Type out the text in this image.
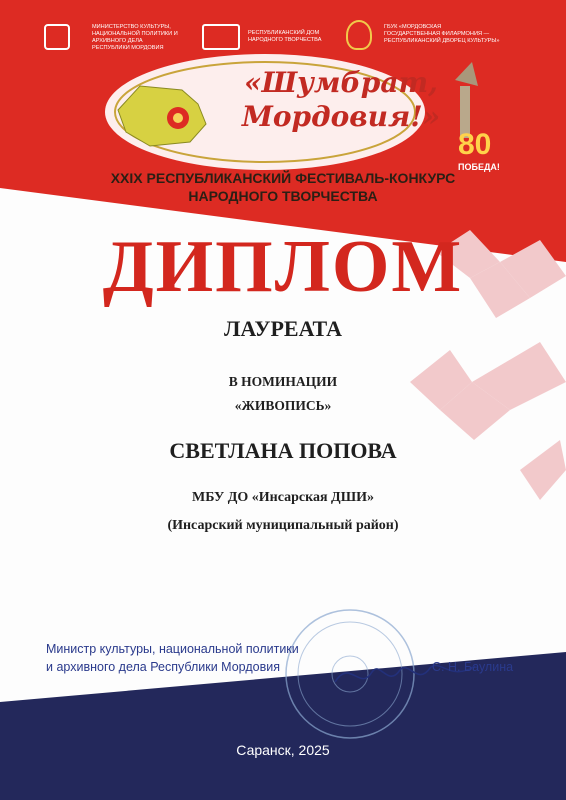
МИНИСТЕРСТВО КУЛЬТУРЫ,
НАЦИОНАЛЬНОЙ ПОЛИТИКИ И
АРХИВНОГО ДЕЛА
РЕСПУБЛИКИ МОРДОВИЯ
РЕСПУБЛИКАНСКИЙ ДОМ
НАРОДНОГО ТВОРЧЕСТВА
ГБУК «МОРДОВСКАЯ
ГОСУДАРСТВЕННАЯ ФИЛАРМОНИЯ —
РЕСПУБЛИКАНСКИЙ ДВОРЕЦ КУЛЬТУРЫ»
«Шумбрат,
Мордовия!»
80
ПОБЕДА!
XXIX РЕСПУБЛИКАНСКИЙ ФЕСТИВАЛЬ-КОНКУРС
НАРОДНОГО ТВОРЧЕСТВА
ДИПЛОМ
ЛАУРЕАТА
В НОМИНАЦИИ
«ЖИВОПИСЬ»
СВЕТЛАНА ПОПОВА
МБУ ДО «Инсарская ДШИ»
(Инсарский муниципальный район)
Министр культуры, национальной политики
и архивного дела Республики Мордовия	С. Н. Баулина
Саранск, 2025
